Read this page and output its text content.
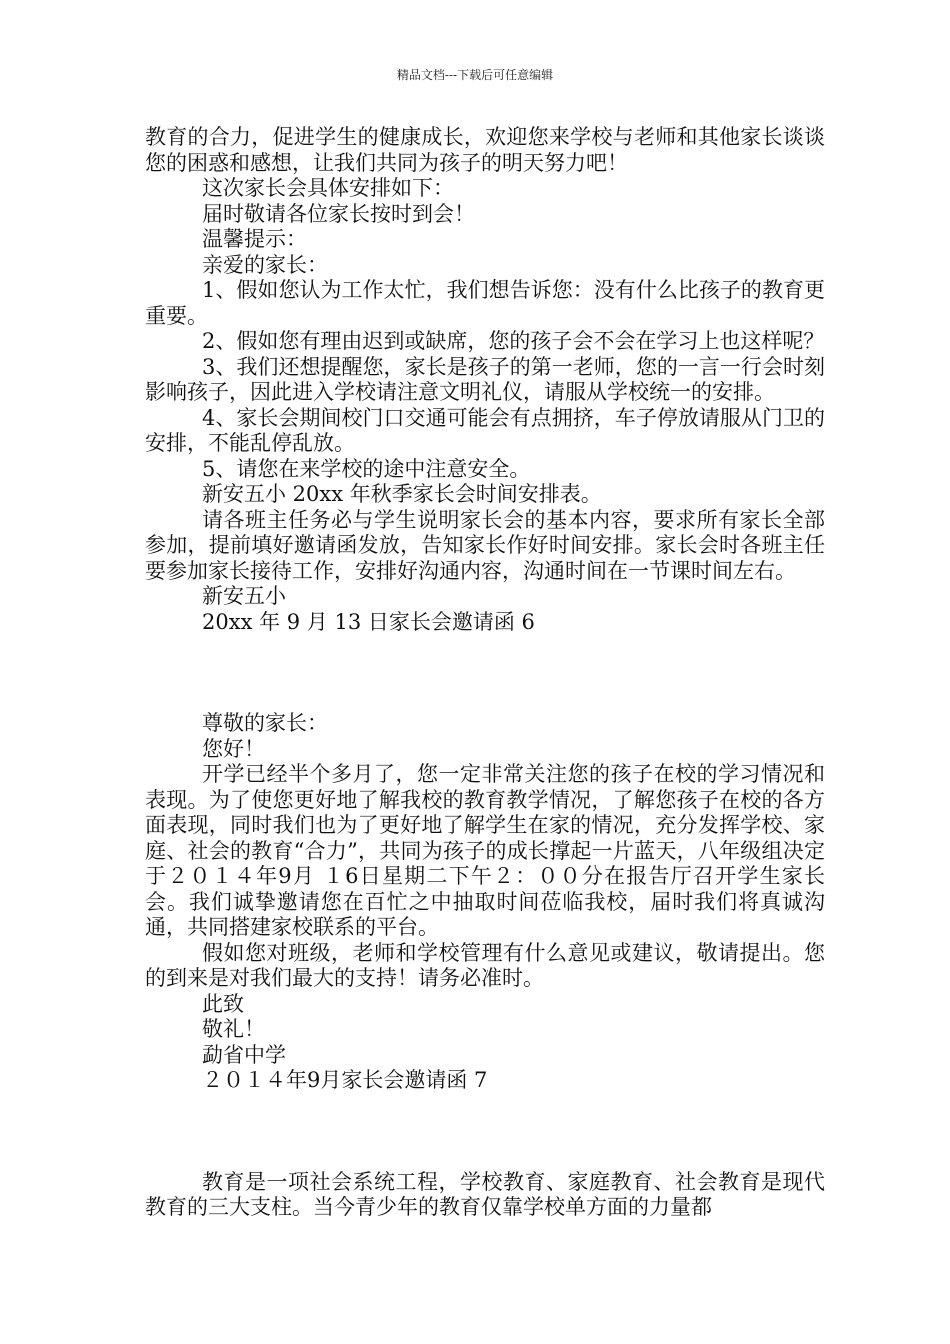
精品文档---下载后可任意编辑

教育的合力，促进学生的健康成长，欢迎您来学校与老师和其他家长谈谈您的困惑和感想，让我们共同为孩子的明天努力吧！

这次家长会具体安排如下：

届时敬请各位家长按时到会！

温馨提示：

亲爱的家长：

1、假如您认为工作太忙，我们想告诉您：没有什么比孩子的教育更重要。

2、假如您有理由迟到或缺席，您的孩子会不会在学习上也这样呢？

3、我们还想提醒您，家长是孩子的第一老师，您的一言一行会时刻影响孩子，因此进入学校请注意文明礼仪，请服从学校统一的安排。

4、家长会期间校门口交通可能会有点拥挤，车子停放请服从门卫的安排，不能乱停乱放。

5、请您在来学校的途中注意安全。

新安五小 20xx 年秋季家长会时间安排表。

请各班主任务必与学生说明家长会的基本内容，要求所有家长全部参加，提前填好邀请函发放，告知家长作好时间安排。家长会时各班主任要参加家长接待工作，安排好沟通内容，沟通时间在一节课时间左右。

新安五小

20xx 年 9 月 13 日家长会邀请函 6

尊敬的家长：

您好！

开学已经半个多月了，您一定非常关注您的孩子在校的学习情况和表现。为了使您更好地了解我校的教育教学情况，了解您孩子在校的各方面表现，同时我们也为了更好地了解学生在家的情况，充分发挥学校、家庭、社会的教育“合力”，共同为孩子的成长撑起一片蓝天，八年级组决定于２０１４年9月 １6日星期二下午２：００分在报告厅召开学生家长会。我们诚挚邀请您在百忙之中抽取时间莅临我校，届时我们将真诚沟通，共同搭建家校联系的平台。

假如您对班级，老师和学校管理有什么意见或建议，敬请提出。您的到来是对我们最大的支持！请务必准时。

此致

敬礼！

勐省中学

２０１４年9月家长会邀请函 7

教育是一项社会系统工程，学校教育、家庭教育、社会教育是现代教育的三大支柱。当今青少年的教育仅靠学校单方面的力量都
